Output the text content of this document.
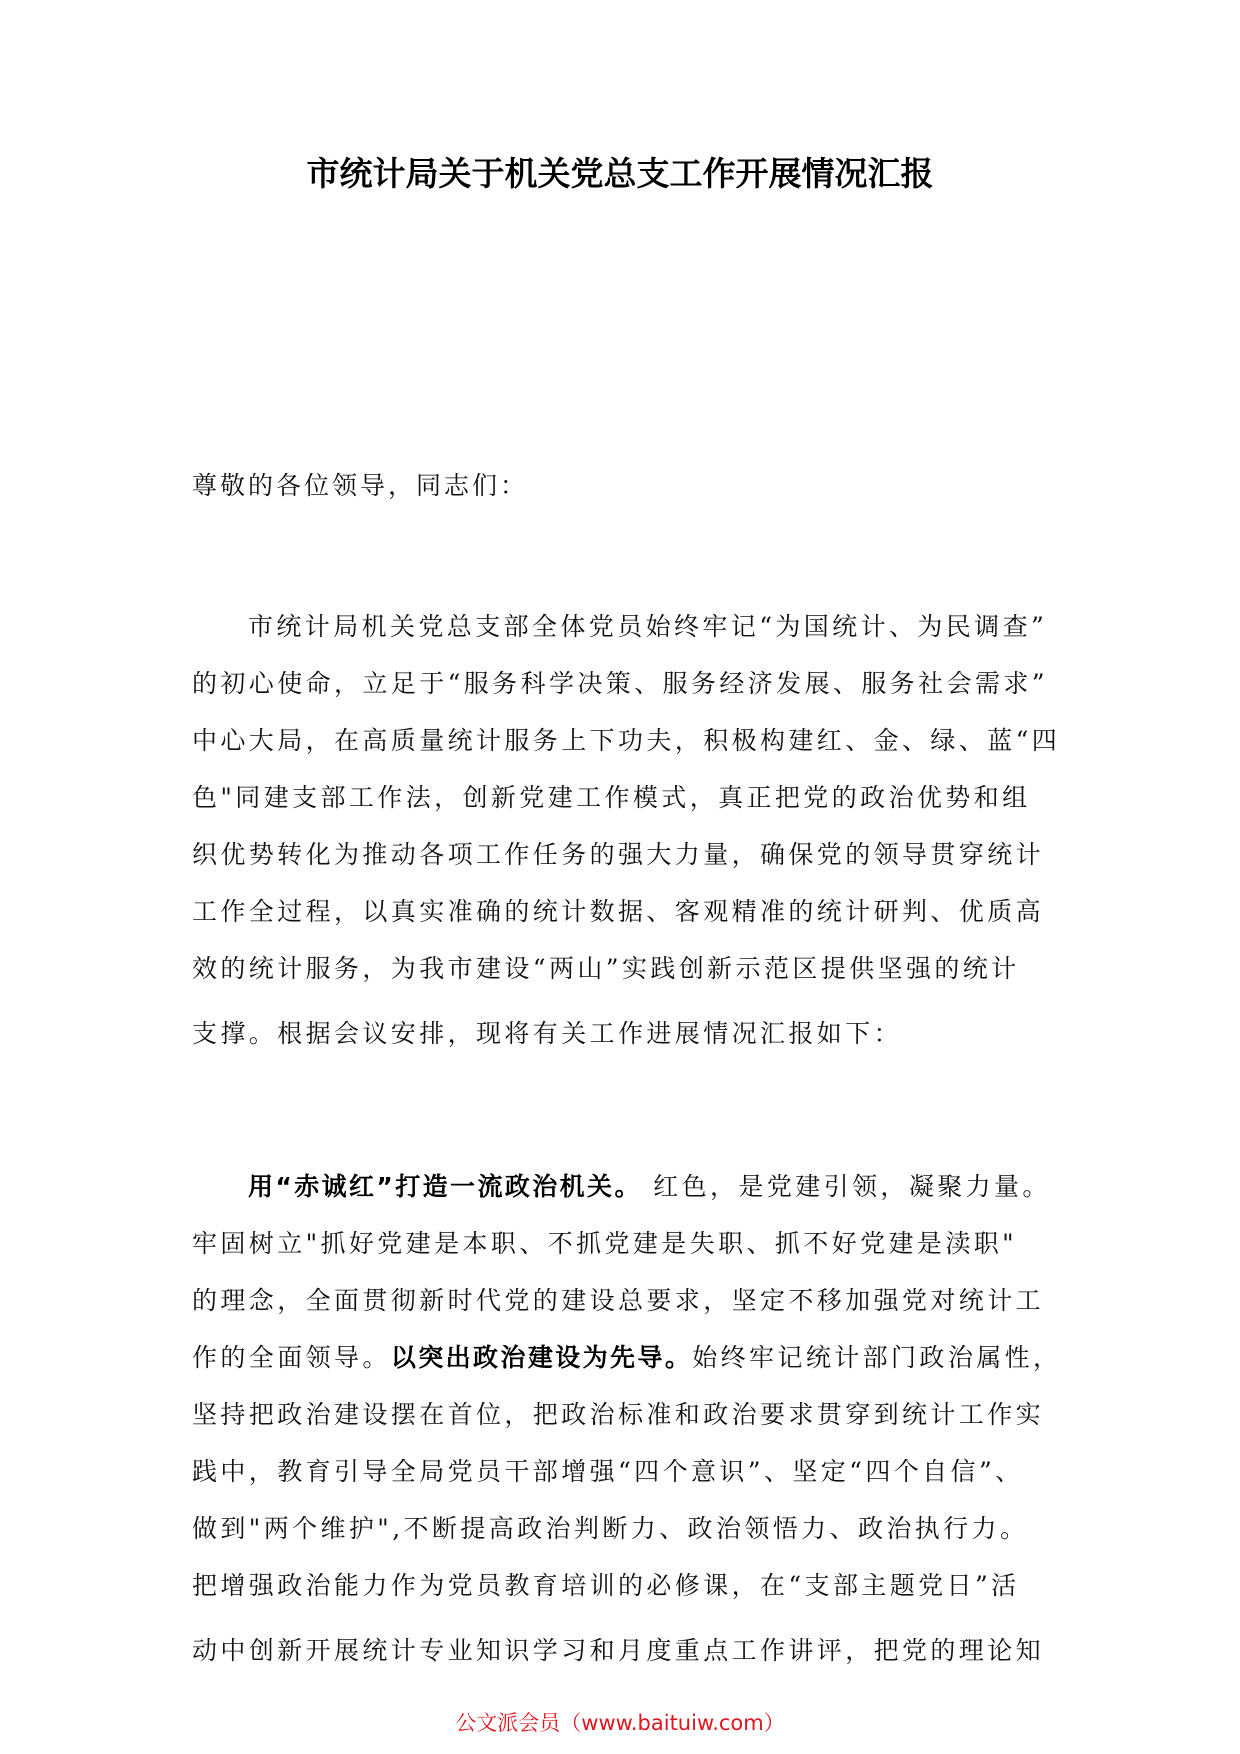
市统计局关于机关党总支工作开展情况汇报
尊敬的各位领导，同志们：
市统计局机关党总支部全体党员始终牢记“为国统计、为民调查”
的初心使命，立足于“服务科学决策、服务经济发展、服务社会需求”
中心大局，在高质量统计服务上下功夫，积极构建红、金、绿、蓝“四
色"同建支部工作法，创新党建工作模式，真正把党的政治优势和组
织优势转化为推动各项工作任务的强大力量，确保党的领导贯穿统计
工作全过程，以真实准确的统计数据、客观精准的统计研判、优质高
效的统计服务，为我市建设“两山”实践创新示范区提供坚强的统计
支撑。根据会议安排，现将有关工作进展情况汇报如下：
用“赤诚红”打造一流政治机关。 红色，是党建引领，凝聚力量。
牢固树立"抓好党建是本职、不抓党建是失职、抓不好党建是渎职"
的理念，全面贯彻新时代党的建设总要求，坚定不移加强党对统计工
作的全面领导。以突出政治建设为先导。始终牢记统计部门政治属性，
坚持把政治建设摆在首位，把政治标准和政治要求贯穿到统计工作实
践中，教育引导全局党员干部增强“四个意识”、坚定“四个自信”、
做到"两个维护",不断提高政治判断力、政治领悟力、政治执行力。
把增强政治能力作为党员教育培训的必修课，在“支部主题党日”活
动中创新开展统计专业知识学习和月度重点工作讲评，把党的理论知
公文派会员（www.baituiw.com）
